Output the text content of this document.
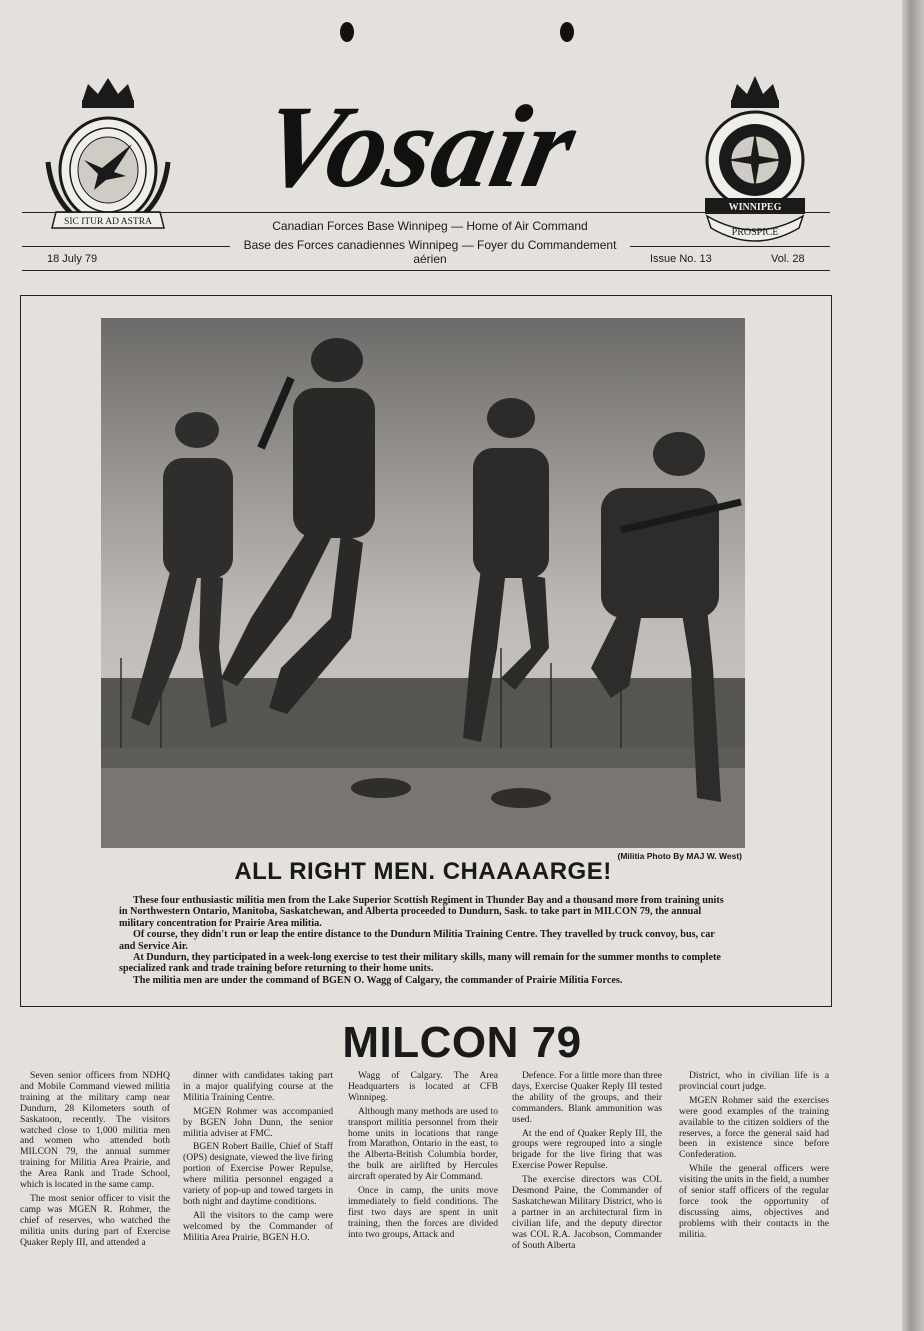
SIC ITUR AD ASTRA
Vosair	WINNIPEG
PROSPICE
Canadian Forces Base Winnipeg — Home of Air Command
Base des Forces canadiennes Winnipeg — Foyer du Commandement aérien
18 July 79	Issue No. 13	Vol. 28
(Militia Photo By MAJ W. West)
ALL RIGHT MEN. CHAAAARGE!

These four enthusiastic militia men from the Lake Superior Scottish Regiment in Thunder Bay and a thousand more from training units in Northwestern Ontario, Manitoba, Saskatchewan, and Alberta proceeded to Dundurn, Sask. to take part in MILCON 79, the annual military concentration for Prairie Area militia.

Of course, they didn't run or leap the entire distance to the Dundurn Militia Training Centre. They travelled by truck convoy, bus, car and Service Air.

At Dundurn, they participated in a week-long exercise to test their military skills, many will remain for the summer months to complete specialized rank and trade training before returning to their home units.

The militia men are under the command of BGEN O. Wagg of Calgary, the commander of Prairie Militia Forces.

MILCON 79

Seven senior officers from NDHQ and Mobile Command viewed militia training at the military camp near Dundurn, 28 Kilometers south of Saskatoon, recently. The visitors watched close to 1,000 militia men and women who attended both MILCON 79, the annual summer training for Militia Area Prairie, and the Area Rank and Trade School, which is located in the same camp.

The most senior officer to visit the camp was MGEN R. Rohmer, the chief of reserves, who watched the militia units during part of Exercise Quaker Reply III, and attended a

dinner with candidates taking part in a major qualifying course at the Militia Training Centre.

MGEN Rohmer was accompanied by BGEN John Dunn, the senior militia adviser at FMC.

BGEN Robert Baille, Chief of Staff (OPS) designate, viewed the live firing portion of Exercise Power Repulse, where militia personnel engaged a variety of pop-up and towed targets in both night and daytime conditions.

All the visitors to the camp were welcomed by the Commander of Militia Area Prairie, BGEN H.O.

Wagg of Calgary. The Area Headquarters is located at CFB Winnipeg.

Although many methods are used to transport militia personnel from their home units in locations that range from Marathon, Ontario in the east, to the Alberta-British Columbia border, the bulk are airlifted by Hercules aircraft operated by Air Command.

Once in camp, the units move immediately to field conditions. The first two days are spent in unit training, then the forces are divided into two groups, Attack and

Defence. For a little more than three days, Exercise Quaker Reply III tested the ability of the groups, and their commanders. Blank ammunition was used.

At the end of Quaker Reply III, the groups were regrouped into a single brigade for the live firing that was Exercise Power Repulse.

The exercise directors was COL Desmond Paine, the Commander of Saskatchewan Military District, who is a partner in an architectural firm in civilian life, and the deputy director was COL R.A. Jacobson, Commander of South Alberta

District, who in civilian life is a provincial court judge.

MGEN Rohmer said the exercises were good examples of the training available to the citizen soldiers of the reserves, a force the general said had been in existence since before Confederation.

While the general officers were visiting the units in the field, a number of senior staff officers of the regular force took the opportunity of discussing aims, objectives and problems with their contacts in the militia.
